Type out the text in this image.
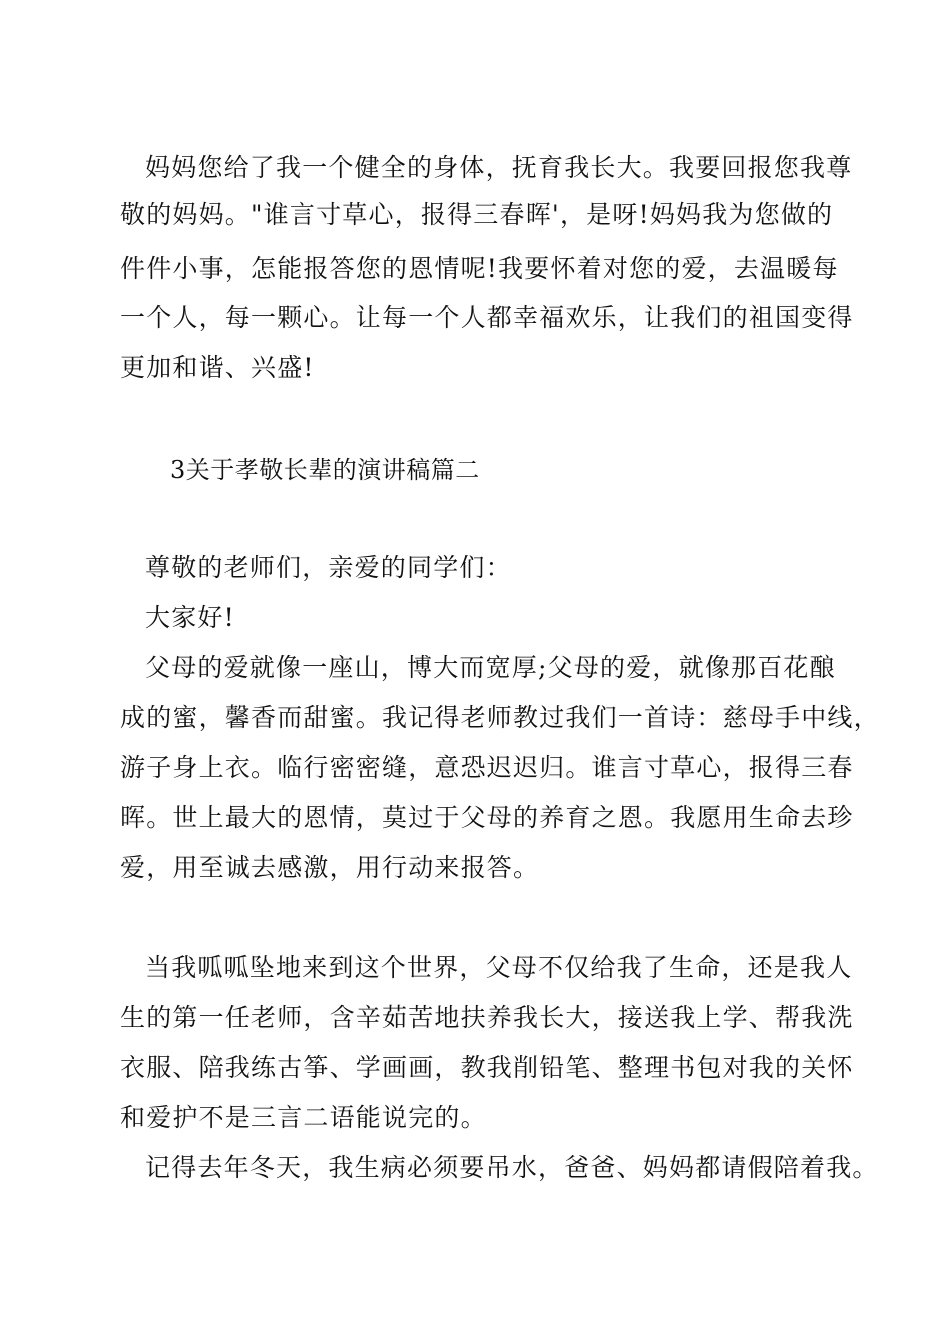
妈妈您给了我一个健全的身体，抚育我长大。我要回报您我尊
敬的妈妈。"谁言寸草心，报得三春晖'，是呀!妈妈我为您做的
件件小事，怎能报答您的恩情呢!我要怀着对您的爱，去温暖每
一个人，每一颗心。让每一个人都幸福欢乐，让我们的祖国变得
更加和谐、兴盛!
3关于孝敬长辈的演讲稿篇二
尊敬的老师们，亲爱的同学们：
大家好!
父母的爱就像一座山，博大而宽厚;父母的爱，就像那百花酿
成的蜜，馨香而甜蜜。我记得老师教过我们一首诗：慈母手中线，
游子身上衣。临行密密缝，意恐迟迟归。谁言寸草心，报得三春
晖。世上最大的恩情，莫过于父母的养育之恩。我愿用生命去珍
爱，用至诚去感激，用行动来报答。
当我呱呱坠地来到这个世界，父母不仅给我了生命，还是我人
生的第一任老师，含辛茹苦地扶养我长大，接送我上学、帮我洗
衣服、陪我练古筝、学画画，教我削铅笔、整理书包对我的关怀
和爱护不是三言二语能说完的。
记得去年冬天，我生病必须要吊水，爸爸、妈妈都请假陪着我。
